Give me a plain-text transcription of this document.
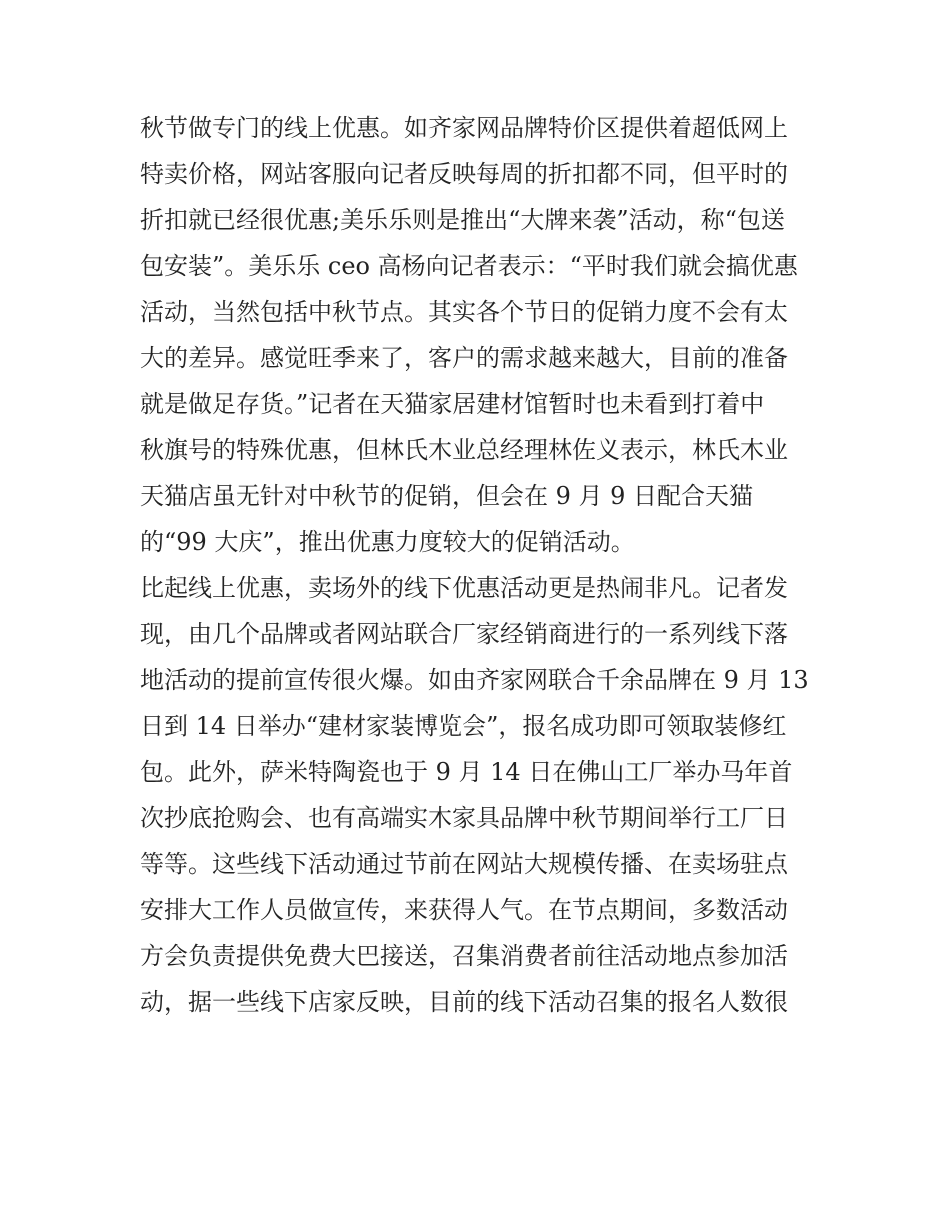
秋节做专门的线上优惠。如齐家网品牌特价区提供着超低网上
特卖价格，网站客服向记者反映每周的折扣都不同，但平时的
折扣就已经很优惠;美乐乐则是推出“大牌来袭”活动，称“包送
包安装”。美乐乐 ceo 高杨向记者表示：“平时我们就会搞优惠
活动，当然包括中秋节点。其实各个节日的促销力度不会有太
大的差异。感觉旺季来了，客户的需求越来越大，目前的准备
就是做足存货。”记者在天猫家居建材馆暂时也未看到打着中
秋旗号的特殊优惠，但林氏木业总经理林佐义表示，林氏木业
天猫店虽无针对中秋节的促销，但会在 9 月 9 日配合天猫
的“99 大庆”，推出优惠力度较大的促销活动。

比起线上优惠，卖场外的线下优惠活动更是热闹非凡。记者发
现，由几个品牌或者网站联合厂家经销商进行的一系列线下落
地活动的提前宣传很火爆。如由齐家网联合千余品牌在 9 月 13
日到 14 日举办“建材家装博览会”，报名成功即可领取装修红
包。此外，萨米特陶瓷也于 9 月 14 日在佛山工厂举办马年首
次抄底抢购会、也有高端实木家具品牌中秋节期间举行工厂日
等等。这些线下活动通过节前在网站大规模传播、在卖场驻点
安排大工作人员做宣传，来获得人气。在节点期间，多数活动
方会负责提供免费大巴接送，召集消费者前往活动地点参加活
动，据一些线下店家反映，目前的线下活动召集的报名人数很
